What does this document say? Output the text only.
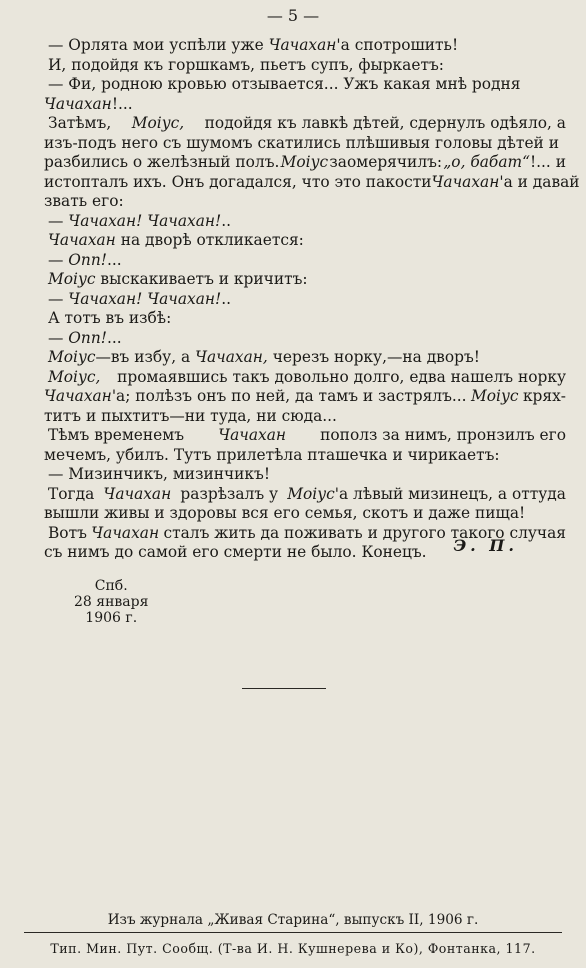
— 5 —
— Орлята мои успѣли уже Чачахан'а спотрошить!
И, подойдя къ горшкамъ, пьетъ супъ, фыркаетъ:
— Фи, родною кровью отзывается... Ужъ какая мнѣ родня
Чачахан!...
Затѣмъ, Моiус, подойдя къ лавкѣ дѣтей, сдернулъ одѣяло, а
изъ-подъ него съ шумомъ скатились плѣшивыя головы дѣтей и
разбились о желѣзный полъ. Моiус заомерячилъ: „о, бабат“!... и
истопталъ ихъ. Онъ догадался, что это пакости Чачахан'а и давай
звать его:
— Чачахан! Чачахан!..
Чачахан на дворѣ откликается:
— Опп!...
Моiус выскакиваетъ и кричитъ:
— Чачахан! Чачахан!..
А тотъ въ избѣ:
— Опп!...
Моiус—въ избу, а Чачахан, черезъ норку,—на дворъ!
Моiус, промаявшись такъ довольно долго, едва нашелъ норку
Чачахан'а; полѣзъ онъ по ней, да тамъ и застрялъ... Моiус крях-
титъ и пыхтитъ—ни туда, ни сюда...
Тѣмъ временемъ Чачахан пополз за нимъ, пронзилъ его
мечемъ, убилъ. Тутъ прилетѣла пташечка и чирикаетъ:
— Мизинчикъ, мизинчикъ!
Тогда Чачахан разрѣзалъ у Моiус'а лѣвый мизинецъ, а оттуда
вышли живы и здоровы вся его семья, скотъ и даже пища!
Вотъ Чачахан сталъ жить да поживать и другого такого случая
съ нимъ до самой его смерти не было. Конецъ.	Э. П.
Спб.
28 января
1906 г.
Изъ журнала „Живая Старина“, выпускъ II, 1906 г.
Тип. Мин. Пут. Сообщ. (Т-ва И. Н. Кушнерева и Ко), Фонтанка, 117.
